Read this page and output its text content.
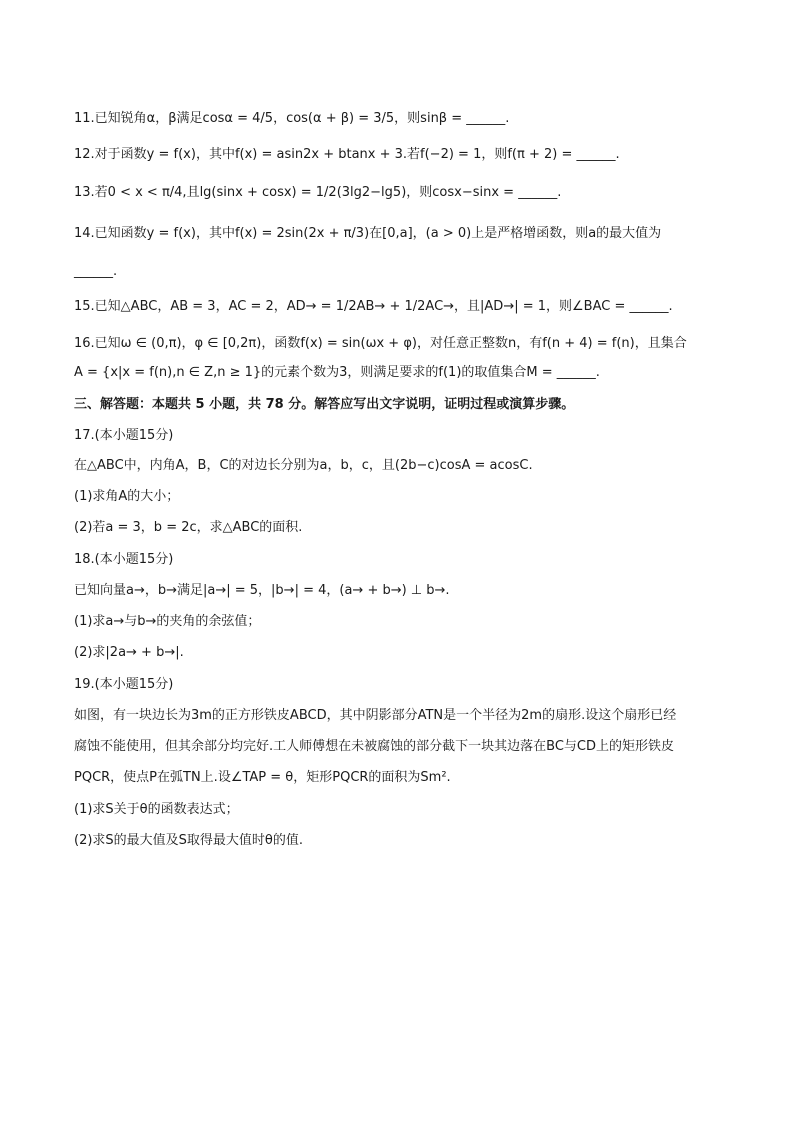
11.已知锐角α，β满足cosα = 4/5，cos(α + β) = 3/5，则sinβ = ______.
12.对于函数y = f(x)，其中f(x) = asin2x + btanx + 3.若f(−2) = 1，则f(π + 2) = ______.
13.若0 < x < π/4,且lg(sinx + cosx) = 1/2(3lg2−lg5)，则cosx−sinx = ______.
14.已知函数y = f(x)，其中f(x) = 2sin(2x + π/3)在[0,a]，(a > 0)上是严格增函数，则a的最大值为
______.
15.已知△ABC，AB = 3，AC = 2，AD→ = 1/2AB→ + 1/2AC→，且|AD→| = 1，则∠BAC = ______.
16.已知ω ∈ (0,π)，φ ∈ [0,2π)，函数f(x) = sin(ωx + φ)，对任意正整数n，有f(n + 4) = f(n)，且集合
A = {x|x = f(n),n ∈ Z,n ≥ 1}的元素个数为3，则满足要求的f(1)的取值集合M = ______.
三、解答题：本题共 5 小题，共 78 分。解答应写出文字说明，证明过程或演算步骤。
17.(本小题15分)
在△ABC中，内角A，B，C的对边长分别为a，b，c，且(2b−c)cosA = acosC.
(1)求角A的大小；
(2)若a = 3，b = 2c，求△ABC的面积.
18.(本小题15分)
已知向量a→，b→满足|a→| = 5，|b→| = 4，(a→ + b→) ⊥ b→.
(1)求a→与b→的夹角的余弦值；
(2)求|2a→ + b→|.
19.(本小题15分)
如图，有一块边长为3m的正方形铁皮ABCD，其中阴影部分ATN是一个半径为2m的扇形.设这个扇形已经
腐蚀不能使用，但其余部分均完好.工人师傅想在未被腐蚀的部分截下一块其边落在BC与CD上的矩形铁皮
PQCR，使点P在弧TN上.设∠TAP = θ，矩形PQCR的面积为Sm².
(1)求S关于θ的函数表达式；
(2)求S的最大值及S取得最大值时θ的值.
